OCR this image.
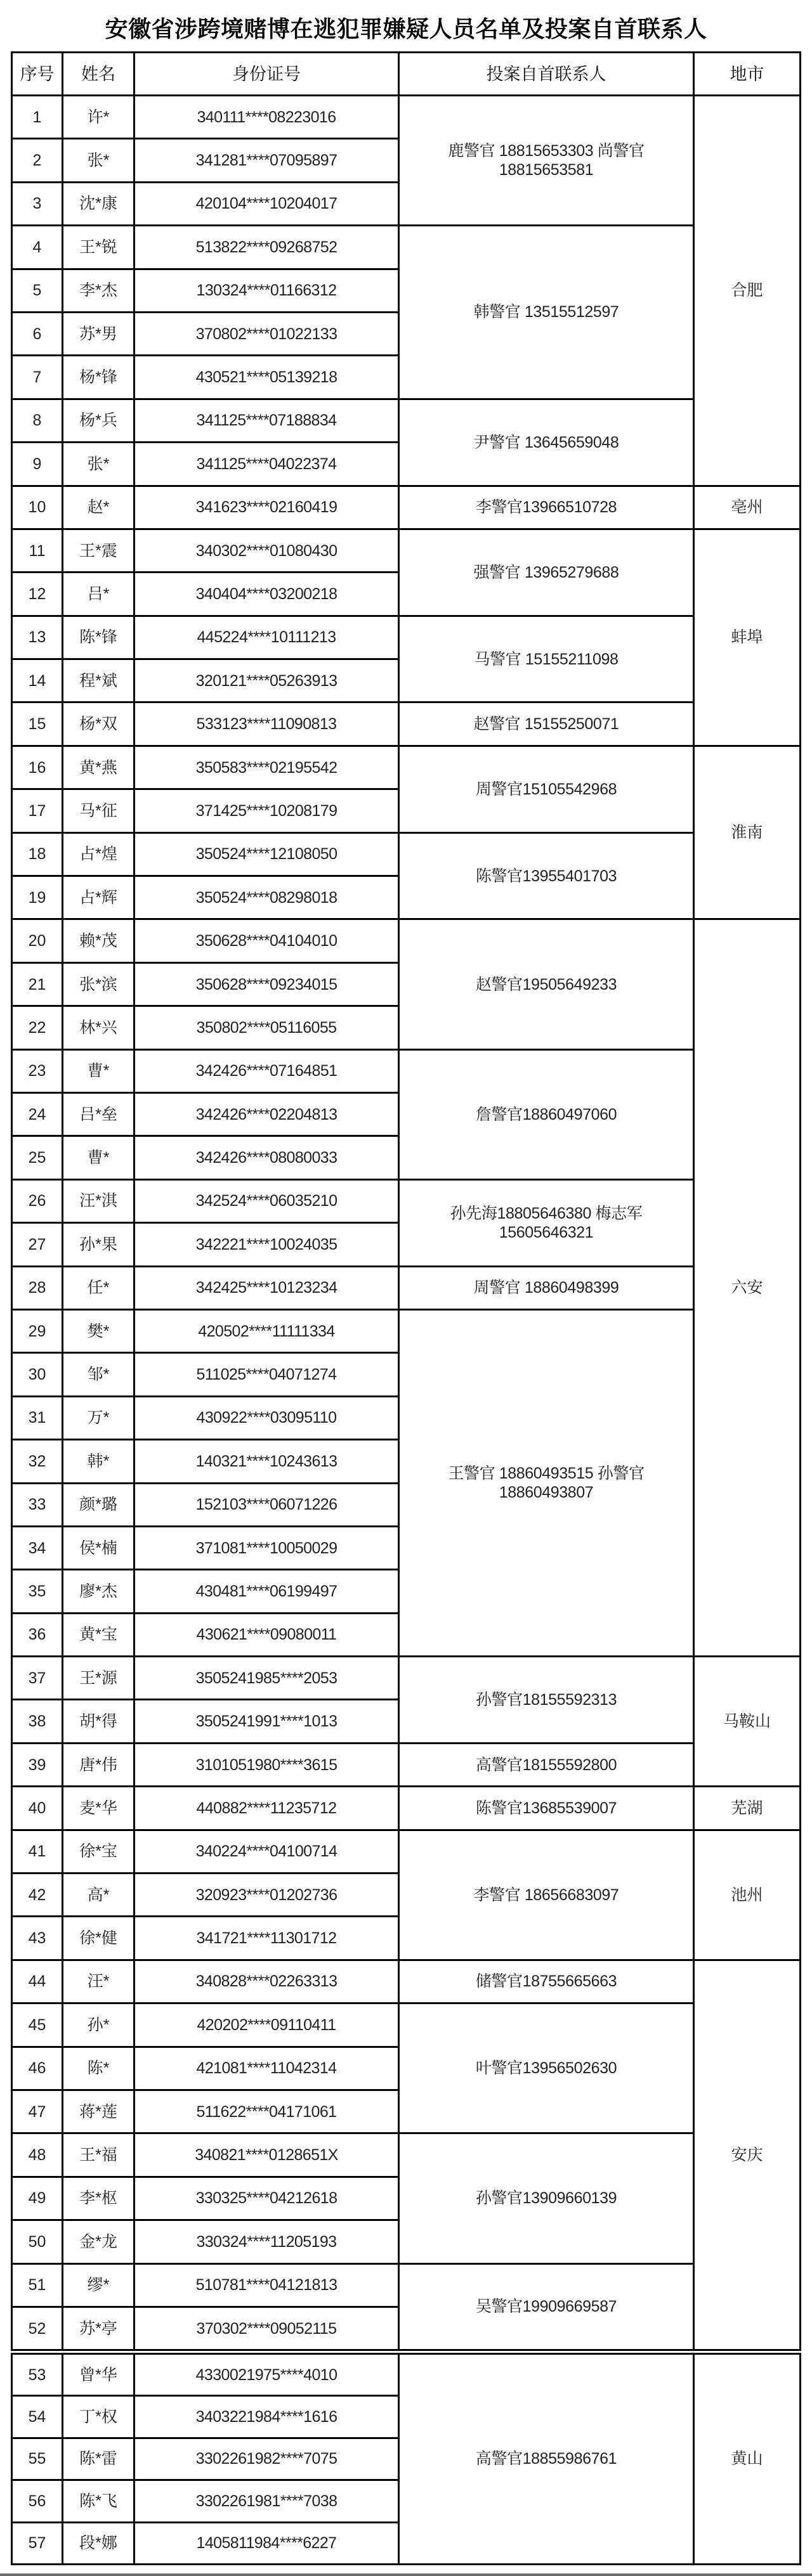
安徽省涉跨境赌博在逃犯罪嫌疑人员名单及投案自首联系人
序号	姓名	身份证号	投案自首联系人	地市
1	许*	340111****08223016	鹿警官 18815653303 尚警官 18815653581	合肥
2	张*	341281****07095897		
3	沈*康	420104****10204017		
4	王*锐	513822****09268752	韩警官 13515512597	
5	李*杰	130324****01166312		
6	苏*男	370802****01022133		
7	杨*锋	430521****05139218		
8	杨*兵	341125****07188834	尹警官 13645659048	
9	张*	341125****04022374		
10	赵*	341623****02160419	李警官13966510728	亳州
11	王*震	340302****01080430	强警官 13965279688	蚌埠
12	吕*	340404****03200218		
13	陈*锋	445224****10111213	马警官 15155211098	
14	程*斌	320121****05263913		
15	杨*双	533123****11090813	赵警官 15155250071	
16	黄*燕	350583****02195542	周警官15105542968	淮南
17	马*征	371425****10208179		
18	占*煌	350524****12108050	陈警官13955401703	
19	占*辉	350524****08298018		
20	赖*茂	350628****04104010	赵警官19505649233	六安
21	张*滨	350628****09234015		
22	林*兴	350802****05116055		
23	曹*	342426****07164851	詹警官18860497060	
24	吕*垒	342426****02204813		
25	曹*	342426****08080033		
26	汪*淇	342524****06035210	孙先海18805646380 梅志军 15605646321	
27	孙*果	342221****10024035		
28	任*	342425****10123234	周警官 18860498399	
29	樊*	420502****11111334	王警官 18860493515 孙警官 18860493807	
30	邹*	511025****04071274		
31	万*	430922****03095110		
32	韩*	140321****10243613		
33	颜*璐	152103****06071226		
34	侯*楠	371081****10050029		
35	廖*杰	430481****06199497		
36	黄*宝	430621****09080011		
37	王*源	3505241985****2053	孙警官18155592313	马鞍山
38	胡*得	3505241991****1013		
39	唐*伟	3101051980****3615	高警官18155592800	
40	麦*华	440882****11235712	陈警官13685539007	芜湖
41	徐*宝	340224****04100714	李警官 18656683097	池州
42	高*	320923****01202736		
43	徐*健	341721****11301712		
44	汪*	340828****02263313	储警官18755665663	安庆
45	孙*	420202****09110411	叶警官13956502630	
46	陈*	421081****11042314		
47	蒋*莲	511622****04171061		
48	王*福	340821****0128651X	孙警官13909660139	
49	李*枢	330325****04212618		
50	金*龙	330324****11205193		
51	缪*	510781****04121813	吴警官19909669587	
52	苏*亭	370302****09052115		
53	曾*华	4330021975****4010	高警官18855986761	黄山
54	丁*权	3403221984****1616		
55	陈*雷	3302261982****7075		
56	陈*飞	3302261981****7038		
57	段*娜	1405811984****6227		
